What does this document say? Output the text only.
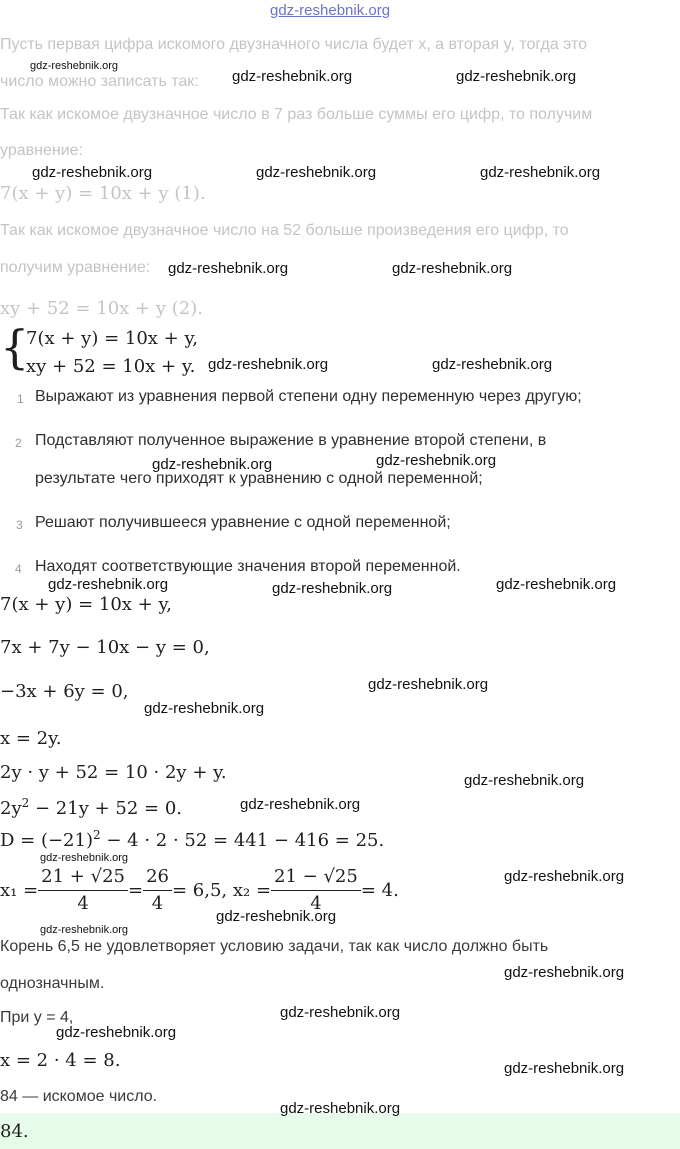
gdz-reshebnik.org
Пусть первая цифра искомого двузначного числа будет x, а вторая y, тогда это
число можно записать так:
gdz-reshebnik.org
gdz-reshebnik.org	gdz-reshebnik.org
Так как искомое двузначное число в 7 раз больше суммы его цифр, то получим
уравнение:
gdz-reshebnik.org	gdz-reshebnik.org	gdz-reshebnik.org
7(x + y) = 10x + y (1).
Так как искомое двузначное число на 52 больше произведения его цифр, то
получим уравнение: gdz-reshebnik.org	gdz-reshebnik.org
xy + 52 = 10x + y (2).
{
7(x + y) = 10x + y,
xy + 52 = 10x + y. gdz-reshebnik.org	gdz-reshebnik.org
1 Выражают из уравнения первой степени одну переменную через другую;
2 Подставляют полученное выражение в уравнение второй степени, в
результате чего приходят к уравнению с одной переменной;
gdz-reshebnik.org	gdz-reshebnik.org
3 Решают получившееся уравнение с одной переменной;
4 Находят соответствующие значения второй переменной.
gdz-reshebnik.org	gdz-reshebnik.org	gdz-reshebnik.org
7(x + y) = 10x + y,
7x + 7y − 10x − y = 0,
−3x + 6y = 0,	gdz-reshebnik.org
gdz-reshebnik.org
x = 2y.
2y · y + 52 = 10 · 2y + y.	gdz-reshebnik.org
$2y^2 - 21y + 52 = 0$.	gdz-reshebnik.org
$D = (-21)^2 - 4 \cdot 2 \cdot 52 = 441 - 416 = 25$.
gdz-reshebnik.org
$x_1 = \frac{21 + √25}{4} = \frac{26}{4} = 6,5$, $x_2 = \frac{21 - √25}{4} = 4$.
gdz-reshebnik.org
gdz-reshebnik.org
gdz-reshebnik.org
Корень 6,5 не удовлетворяет условию задачи, так как число должно быть
однозначным.
gdz-reshebnik.org
При y = 4,	gdz-reshebnik.org
gdz-reshebnik.org
x = 2 · 4 = 8.	gdz-reshebnik.org
84 — искомое число.
84.
gdz-reshebnik.org
